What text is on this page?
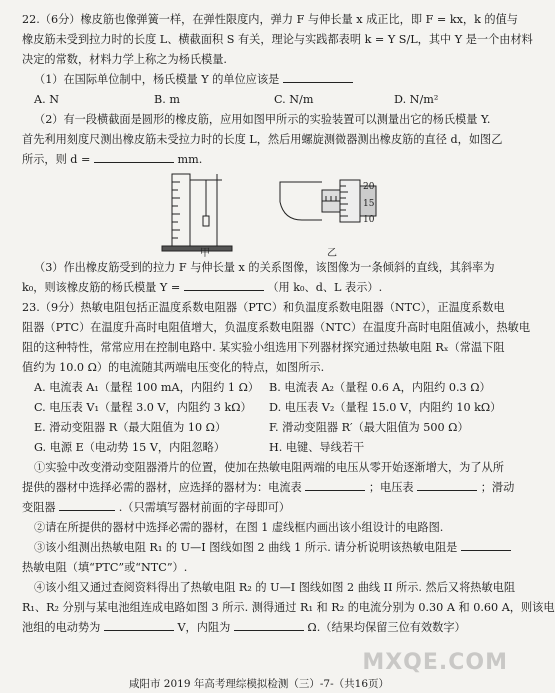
22.（6分）橡皮筋也像弹簧一样，在弹性限度内，弹力 F 与伸长量 x 成正比，即 F = kx，k 的值与

橡皮筋未受到拉力时的长度 L、横截面积 S 有关，理论与实践都表明 k = Y S/L，其中 Y 是一个由材料

决定的常数，材料力学上称之为杨氏模量.

（1）在国际单位制中，杨氏模量 Y 的单位应该是

A. N	B. m	C. N/m	D. N/m²

（2）有一段横截面是圆形的橡皮筋，应用如图甲所示的实验装置可以测量出它的杨氏模量 Y.

首先利用刻度尺测出橡皮筋未受拉力时的长度 L，然后用螺旋测微器测出橡皮筋的直径 d，如图乙

所示，则 d =	mm.

20
15
10
甲	乙

（3）作出橡皮筋受到的拉力 F 与伸长量 x 的关系图像，该图像为一条倾斜的直线，其斜率为

k₀，则该橡皮筋的杨氏模量 Y =	（用 k₀、d、L 表示）.

23.（9分）热敏电阻包括正温度系数电阻器（PTC）和负温度系数电阻器（NTC），正温度系数电

阻器（PTC）在温度升高时电阻值增大，负温度系数电阻器（NTC）在温度升高时电阻值减小，热敏电

阻的这种特性，常常应用在控制电路中. 某实验小组选用下列器材探究通过热敏电阻 Rₓ（常温下阻

值约为 10.0 Ω）的电流随其两端电压变化的特点，如图所示.

A. 电流表 A₁（量程 100 mA，内阻约 1 Ω） B. 电流表 A₂（量程 0.6 A，内阻约 0.3 Ω）

C. 电压表 V₁（量程 3.0 V，内阻约 3 kΩ）	D. 电压表 V₂（量程 15.0 V，内阻约 10 kΩ）

E. 滑动变阻器 R（最大阻值为 10 Ω）	F. 滑动变阻器 R′（最大阻值为 500 Ω）

G. 电源 E（电动势 15 V，内阻忽略）	H. 电键、导线若干

①实验中改变滑动变阻器滑片的位置，使加在热敏电阻两端的电压从零开始逐渐增大，为了从所

提供的器材中选择必需的器材，应选择的器材为：电流表	；电压表	；滑动

变阻器	.（只需填写器材前面的字母即可）

②请在所提供的器材中选择必需的器材，在图 1 虚线框内画出该小组设计的电路图.

③该小组测出热敏电阻 R₁ 的 U—I 图线如图 2 曲线 1 所示. 请分析说明该热敏电阻是

热敏电阻（填“PTC”或“NTC”）.

④该小组又通过查阅资料得出了热敏电阻 R₂ 的 U—I 图线如图 2 曲线 II 所示. 然后又将热敏电阻

R₁、R₂ 分别与某电池组连成电路如图 3 所示. 测得通过 R₁ 和 R₂ 的电流分别为 0.30 A 和 0.60 A，则该电

池组的电动势为	V，内阻为	Ω.（结果均保留三位有效数字）

咸阳市 2019 年高考理综模拟检测（三）-7-（共16页）
MXQE.COM
